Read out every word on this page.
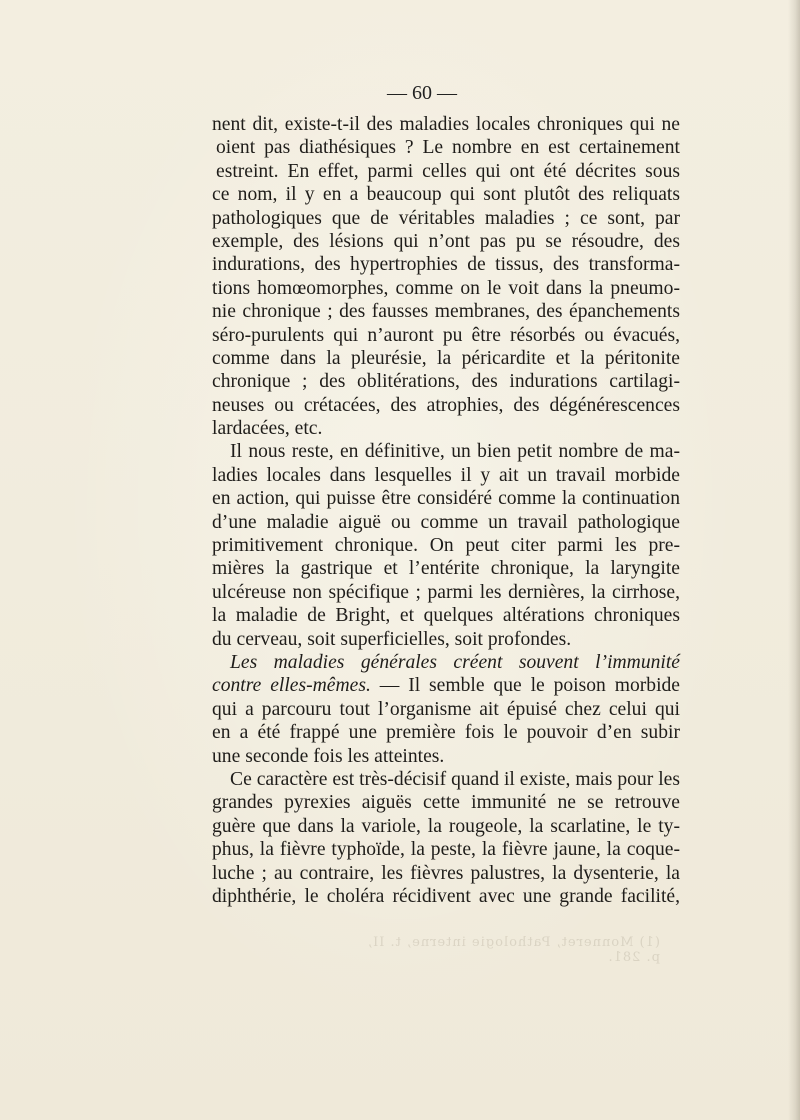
(1) Monneret, Pathologie interne, t. II, p. 281.
— 60 —
nent dit, existe-t-il des maladies locales chroniques qui ne
oient pas diathésiques ? Le nombre en est certainement
estreint. En effet, parmi celles qui ont été décrites sous
ce nom, il y en a beaucoup qui sont plutôt des reliquats
pathologiques que de véritables maladies ; ce sont, par
exemple, des lésions qui n’ont pas pu se résoudre, des
indurations, des hypertrophies de tissus, des transforma-
tions homœomorphes, comme on le voit dans la pneumo-
nie chronique ; des fausses membranes, des épanchements
séro-purulents qui n’auront pu être résorbés ou évacués,
comme dans la pleurésie, la péricardite et la péritonite
chronique ; des oblitérations, des indurations cartilagi-
neuses ou crétacées, des atrophies, des dégénérescences
lardacées, etc.
Il nous reste, en définitive, un bien petit nombre de ma-
ladies locales dans lesquelles il y ait un travail morbide
en action, qui puisse être considéré comme la continuation
d’une maladie aiguë ou comme un travail pathologique
primitivement chronique. On peut citer parmi les pre-
mières la gastrique et l’entérite chronique, la laryngite
ulcéreuse non spécifique ; parmi les dernières, la cirrhose,
la maladie de Bright, et quelques altérations chroniques
du cerveau, soit superficielles, soit profondes.
Les maladies générales créent souvent l’immunité
contre elles-mêmes. — Il semble que le poison morbide
qui a parcouru tout l’organisme ait épuisé chez celui qui
en a été frappé une première fois le pouvoir d’en subir
une seconde fois les atteintes.
Ce caractère est très-décisif quand il existe, mais pour les
grandes pyrexies aiguës cette immunité ne se retrouve
guère que dans la variole, la rougeole, la scarlatine, le ty-
phus, la fièvre typhoïde, la peste, la fièvre jaune, la coque-
luche ; au contraire, les fièvres palustres, la dysenterie, la
diphthérie, le choléra récidivent avec une grande facilité,
